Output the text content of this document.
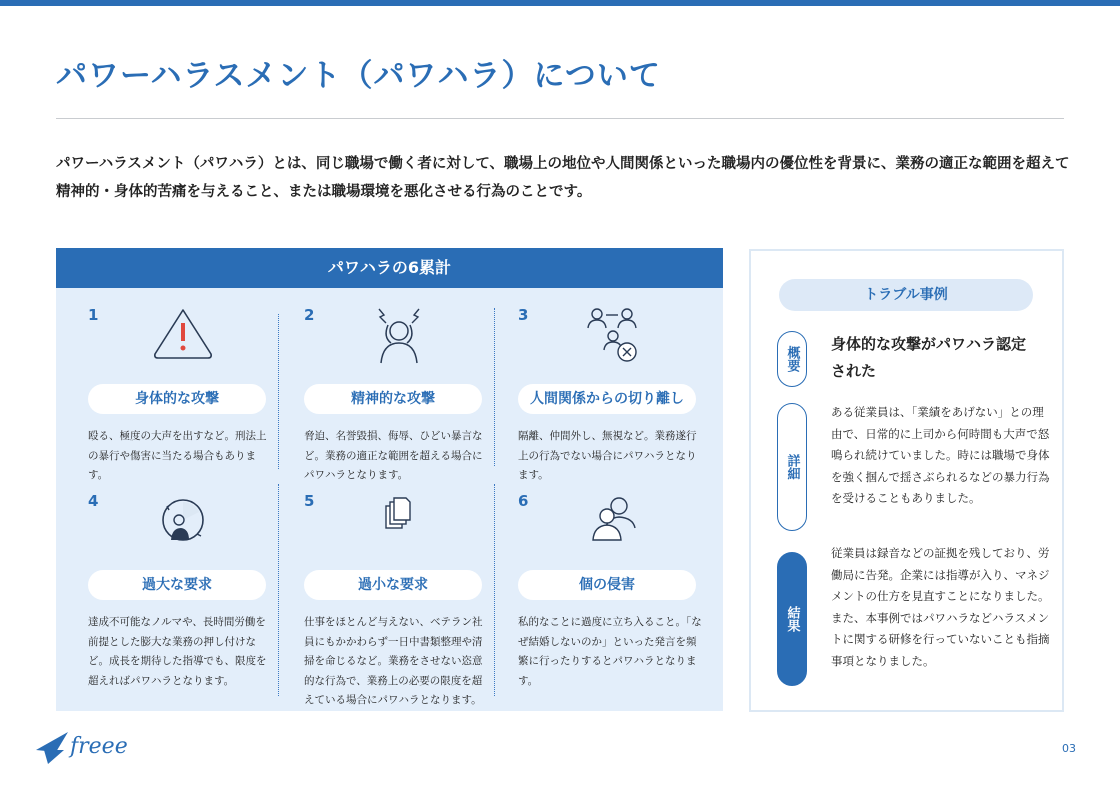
パワーハラスメント（パワハラ）について

パワーハラスメント（パワハラ）とは、同じ職場で働く者に対して、職場上の地位や人間関係といった職場内の優位性を背景に、業務の適正な範囲を超えて精神的・身体的苦痛を与えること、または職場環境を悪化させる行為のことです。

パワハラの6累計
1
身体的な攻撃

殴る、極度の大声を出すなど。刑法上の暴行や傷害に当たる場合もあります。

2
精神的な攻撃

脅迫、名誉毀損、侮辱、ひどい暴言など。業務の適正な範囲を超える場合にパワハラとなります。

3
人間関係からの切り離し

隔離、仲間外し、無視など。業務遂行上の行為でない場合にパワハラとなります。

4
過大な要求

達成不可能なノルマや、長時間労働を前提とした膨大な業務の押し付けなど。成長を期待した指導でも、限度を超えればパワハラとなります。

5
過小な要求

仕事をほとんど与えない、ベテラン社員にもかかわらず一日中書類整理や清掃を命じるなど。業務をさせない恣意的な行為で、業務上の必要の限度を超えている場合にパワハラとなります。

6
個の侵害

私的なことに過度に立ち入ること。「なぜ結婚しないのか」といった発言を頻繁に行ったりするとパワハラとなります。

トラブル事例
概要
身体的な攻撃がパワハラ認定された
詳細

ある従業員は、「業績をあげない」との理由で、日常的に上司から何時間も大声で怒鳴られ続けていました。時には職場で身体を強く掴んで揺さぶられるなどの暴力行為を受けることもありました。

結果

従業員は録音などの証拠を残しており、労働局に告発。企業には指導が入り、マネジメントの仕方を見直すことになりました。また、本事例ではパワハラなどハラスメントに関する研修を行っていないことも指摘事項となりました。

freee	03
